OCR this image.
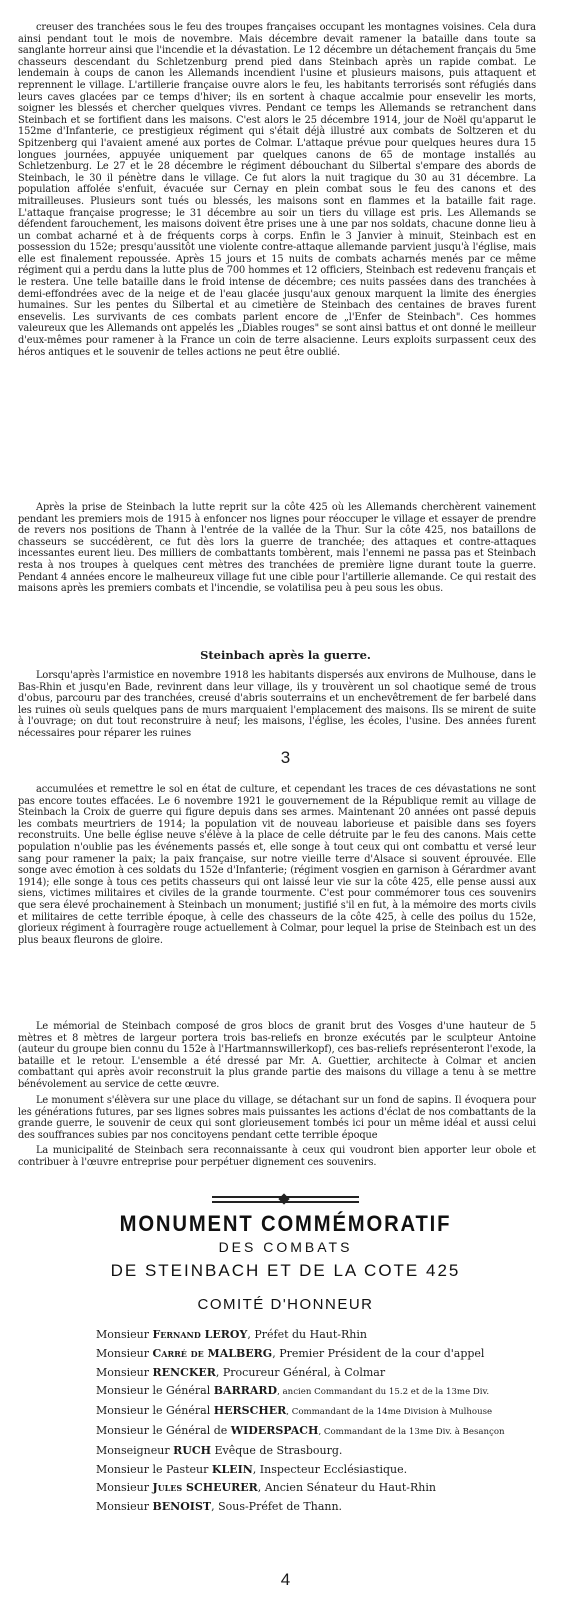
creuser des tranchées sous le feu des troupes françaises occupant les montagnes voisines. Cela dura ainsi pendant tout le mois de novembre. Mais décembre devait ramener la bataille dans toute sa sanglante horreur ainsi que l'incendie et la dévastation. Le 12 décembre un détachement français du 5me chasseurs descendant du Schletzenburg prend pied dans Steinbach après un rapide combat. Le lendemain à coups de canon les Allemands incendient l'usine et plusieurs maisons, puis attaquent et reprennent le village. L'artillerie française ouvre alors le feu, les habitants terrorisés sont réfugiés dans leurs caves glacées par ce temps d'hiver; ils en sortent à chaque accalmie pour ensevelir les morts, soigner les blessés et chercher quelques vivres. Pendant ce temps les Allemands se retranchent dans Steinbach et se fortifient dans les maisons. C'est alors le 25 décembre 1914, jour de Noël qu'apparut le 152me d'Infanterie, ce prestigieux régiment qui s'était déjà illustré aux combats de Soltzeren et du Spitzenberg qui l'avaient amené aux portes de Colmar. L'attaque prévue pour quelques heures dura 15 longues journées, appuyée uniquement par quelques canons de 65 de montage installés au Schletzenburg. Le 27 et le 28 décembre le régiment débouchant du Silbertal s'empare des abords de Steinbach, le 30 il pénètre dans le village. Ce fut alors la nuit tragique du 30 au 31 décembre. La population affolée s'enfuit, évacuée sur Cernay en plein combat sous le feu des canons et des mitrailleuses. Plusieurs sont tués ou blessés, les maisons sont en flammes et la bataille fait rage. L'attaque française progresse; le 31 décembre au soir un tiers du village est pris. Les Allemands se défendent farouchement, les maisons doivent être prises une à une par nos soldats, chacune donne lieu à un combat acharné et à de fréquents corps à corps. Enfin le 3 Janvier à minuit, Steinbach est en possession du 152e; presqu'aussitôt une violente contre-attaque allemande parvient jusqu'à l'église, mais elle est finalement repoussée. Après 15 jours et 15 nuits de combats acharnés menés par ce même régiment qui a perdu dans la lutte plus de 700 hommes et 12 officiers, Steinbach est redevenu français et le restera. Une telle bataille dans le froid intense de décembre; ces nuits passées dans des tranchées à demi-effondrées avec de la neige et de l'eau glacée jusqu'aux genoux marquent la limite des énergies humaines. Sur les pentes du Silbertal et au cimetière de Steinbach des centaines de braves furent ensevelis. Les survivants de ces combats parlent encore de „l'Enfer de Steinbach". Ces hommes valeureux que les Allemands ont appelés les „Diables rouges" se sont ainsi battus et ont donné le meilleur d'eux-mêmes pour ramener à la France un coin de terre alsacienne. Leurs exploits surpassent ceux des héros antiques et le souvenir de telles actions ne peut être oublié.

Après la prise de Steinbach la lutte reprit sur la côte 425 où les Allemands cherchèrent vainement pendant les premiers mois de 1915 à enfoncer nos lignes pour réoccuper le village et essayer de prendre de revers nos positions de Thann à l'entrée de la vallée de la Thur. Sur la côte 425, nos bataillons de chasseurs se succédèrent, ce fut dès lors la guerre de tranchée; des attaques et contre-attaques incessantes eurent lieu. Des milliers de combattants tombèrent, mais l'ennemi ne passa pas et Steinbach resta à nos troupes à quelques cent mètres des tranchées de première ligne durant toute la guerre. Pendant 4 années encore le malheureux village fut une cible pour l'artillerie allemande. Ce qui restait des maisons après les premiers combats et l'incendie, se volatilisa peu à peu sous les obus.

Steinbach après la guerre.

Lorsqu'après l'armistice en novembre 1918 les habitants dispersés aux environs de Mulhouse, dans le Bas-Rhin et jusqu'en Bade, revinrent dans leur village, ils y trouvèrent un sol chaotique semé de trous d'obus, parcouru par des tranchées, creusé d'abris souterrains et un enchevêtrement de fer barbelé dans les ruines où seuls quelques pans de murs marquaient l'emplacement des maisons. Ils se mirent de suite à l'ouvrage; on dut tout reconstruire à neuf; les maisons, l'église, les écoles, l'usine. Des années furent nécessaires pour réparer les ruines

3

accumulées et remettre le sol en état de culture, et cependant les traces de ces dévastations ne sont pas encore toutes effacées. Le 6 novembre 1921 le gouvernement de la République remit au village de Steinbach la Croix de guerre qui figure depuis dans ses armes. Maintenant 20 années ont passé depuis les combats meurtriers de 1914; la population vit de nouveau laborieuse et paisible dans ses foyers reconstruits. Une belle église neuve s'élève à la place de celle détruite par le feu des canons. Mais cette population n'oublie pas les événements passés et, elle songe à tout ceux qui ont combattu et versé leur sang pour ramener la paix; la paix française, sur notre vieille terre d'Alsace si souvent éprouvée. Elle songe avec émotion à ces soldats du 152e d'Infanterie; (régiment vosgien en garnison à Gérardmer avant 1914); elle songe à tous ces petits chasseurs qui ont laissé leur vie sur la côte 425, elle pense aussi aux siens, victimes militaires et civiles de la grande tourmente. C'est pour commémorer tous ces souvenirs que sera élevé prochainement à Steinbach un monument; justifié s'il en fut, à la mémoire des morts civils et militaires de cette terrible époque, à celle des chasseurs de la côte 425, à celle des poilus du 152e, glorieux régiment à fourragère rouge actuellement à Colmar, pour lequel la prise de Steinbach est un des plus beaux fleurons de gloire.

Le mémorial de Steinbach composé de gros blocs de granit brut des Vosges d'une hauteur de 5 mètres et 8 mètres de largeur portera trois bas-reliefs en bronze exécutés par le sculpteur Antoine (auteur du groupe bien connu du 152e à l'Hartmannswillerkopf), ces bas-reliefs représenteront l'exode, la bataille et le retour. L'ensemble a été dressé par Mr. A. Guettier, architecte à Colmar et ancien combattant qui après avoir reconstruit la plus grande partie des maisons du village a tenu à se mettre bénévolement au service de cette œuvre.

Le monument s'élèvera sur une place du village, se détachant sur un fond de sapins. Il évoquera pour les générations futures, par ses lignes sobres mais puissantes les actions d'éclat de nos combattants de la grande guerre, le souvenir de ceux qui sont glorieusement tombés ici pour un même idéal et aussi celui des souffrances subies par nos concitoyens pendant cette terrible époque

La municipalité de Steinbach sera reconnaissante à ceux qui voudront bien apporter leur obole et contribuer à l'œuvre entreprise pour perpétuer dignement ces souvenirs.

MONUMENT COMMÉMORATIF
DES COMBATS
DE STEINBACH ET DE LA COTE 425
COMITÉ D'HONNEUR
Monsieur Fernand LEROY, Préfet du Haut-Rhin
Monsieur Carré de MALBERG, Premier Président de la cour d'appel
Monsieur RENCKER, Procureur Général, à Colmar
Monsieur le Général BARRARD, ancien Commandant du 15.2 et de la 13me Div.
Monsieur le Général HERSCHER, Commandant de la 14me Division à Mulhouse
Monsieur le Général de WIDERSPACH, Commandant de la 13me Div. à Besançon
Monseigneur RUCH Evêque de Strasbourg.
Monsieur le Pasteur KLEIN, Inspecteur Ecclésiastique.
Monsieur Jules SCHEURER, Ancien Sénateur du Haut-Rhin
Monsieur BENOIST, Sous-Préfet de Thann.
4
